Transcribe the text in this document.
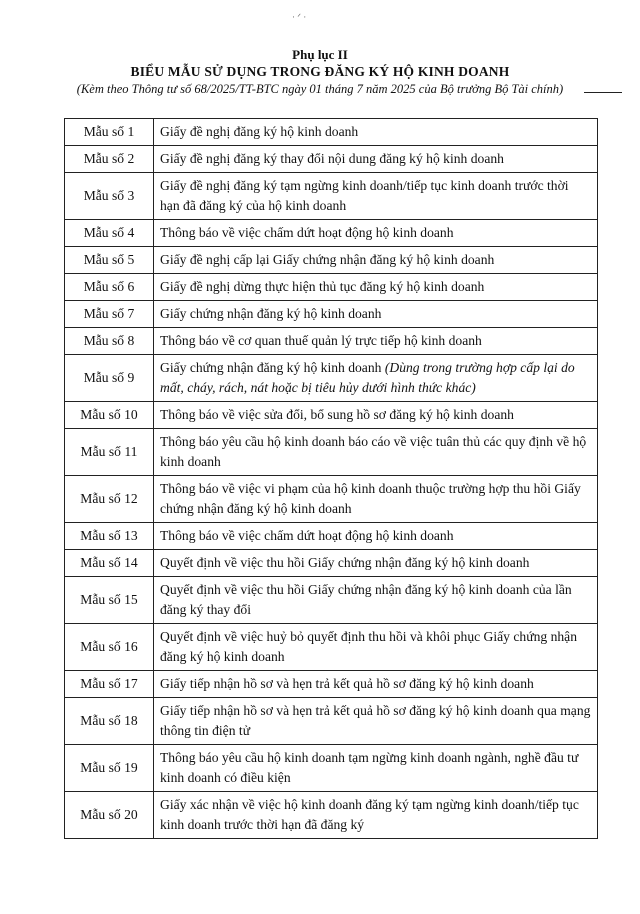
· ᐟ ·
Phụ lục II
BIỂU MẪU SỬ DỤNG TRONG ĐĂNG KÝ HỘ KINH DOANH
(Kèm theo Thông tư số 68/2025/TT-BTC ngày 01 tháng 7 năm 2025 của Bộ trưởng Bộ Tài chính)
Mẫu số 1	Giấy đề nghị đăng ký hộ kinh doanh
Mẫu số 2	Giấy đề nghị đăng ký thay đổi nội dung đăng ký hộ kinh doanh
Mẫu số 3	Giấy đề nghị đăng ký tạm ngừng kinh doanh/tiếp tục kinh doanh trước thời hạn đã đăng ký của hộ kinh doanh
Mẫu số 4	Thông báo về việc chấm dứt hoạt động hộ kinh doanh
Mẫu số 5	Giấy đề nghị cấp lại Giấy chứng nhận đăng ký hộ kinh doanh
Mẫu số 6	Giấy đề nghị dừng thực hiện thủ tục đăng ký hộ kinh doanh
Mẫu số 7	Giấy chứng nhận đăng ký hộ kinh doanh
Mẫu số 8	Thông báo về cơ quan thuế quản lý trực tiếp hộ kinh doanh
Mẫu số 9	Giấy chứng nhận đăng ký hộ kinh doanh (Dùng trong trường hợp cấp lại do mất, cháy, rách, nát hoặc bị tiêu hủy dưới hình thức khác)
Mẫu số 10	Thông báo về việc sửa đổi, bổ sung hồ sơ đăng ký hộ kinh doanh
Mẫu số 11	Thông báo yêu cầu hộ kinh doanh báo cáo về việc tuân thủ các quy định về hộ kinh doanh
Mẫu số 12	Thông báo về việc vi phạm của hộ kinh doanh thuộc trường hợp thu hồi Giấy chứng nhận đăng ký hộ kinh doanh
Mẫu số 13	Thông báo về việc chấm dứt hoạt động hộ kinh doanh
Mẫu số 14	Quyết định về việc thu hồi Giấy chứng nhận đăng ký hộ kinh doanh
Mẫu số 15	Quyết định về việc thu hồi Giấy chứng nhận đăng ký hộ kinh doanh của lần đăng ký thay đổi
Mẫu số 16	Quyết định về việc huỷ bỏ quyết định thu hồi và khôi phục Giấy chứng nhận đăng ký hộ kinh doanh
Mẫu số 17	Giấy tiếp nhận hồ sơ và hẹn trả kết quả hồ sơ đăng ký hộ kinh doanh
Mẫu số 18	Giấy tiếp nhận hồ sơ và hẹn trả kết quả hồ sơ đăng ký hộ kinh doanh qua mạng thông tin điện tử
Mẫu số 19	Thông báo yêu cầu hộ kinh doanh tạm ngừng kinh doanh ngành, nghề đầu tư kinh doanh có điều kiện
Mẫu số 20	Giấy xác nhận về việc hộ kinh doanh đăng ký tạm ngừng kinh doanh/tiếp tục kinh doanh trước thời hạn đã đăng ký
